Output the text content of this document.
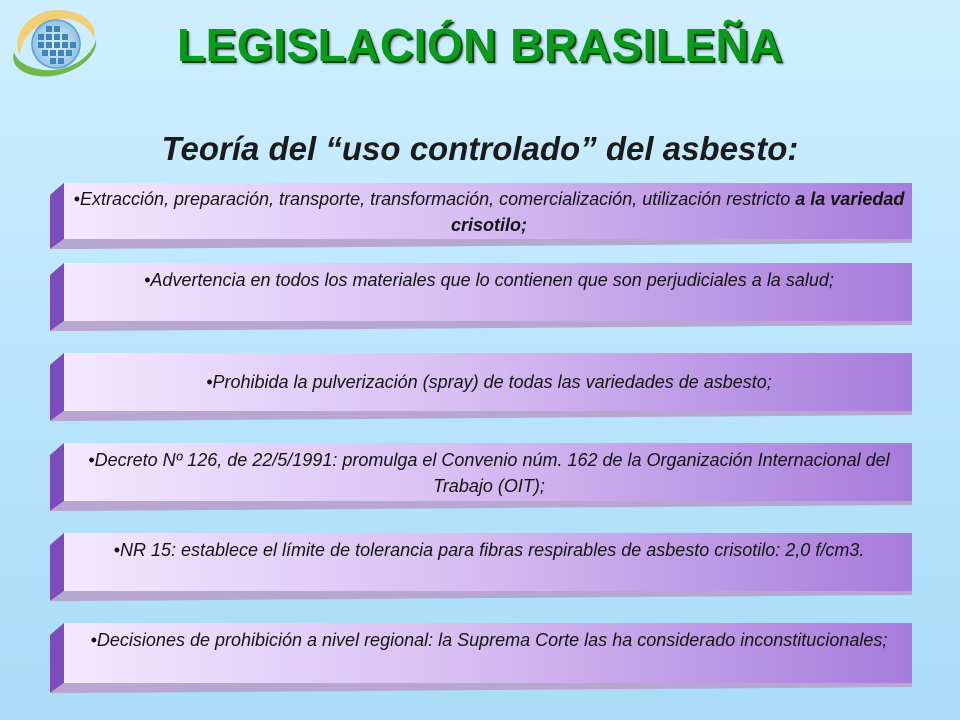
LEGISLACIÓN BRASILEÑA
Teoría del “uso controlado” del asbesto:
•Extracción, preparación, transporte, transformación, comercialización, utilización restricto a la variedad crisotilo;
•Advertencia en todos los materiales que lo contienen que son perjudiciales a la salud;
•Prohibida la pulverización (spray) de todas las variedades de asbesto;
•Decreto Nº 126, de 22/5/1991: promulga el Convenio núm. 162 de la Organización Internacional del Trabajo (OIT);
•NR 15: establece el límite de tolerancia para fibras respirables de asbesto crisotilo: 2,0 f/cm3.
•Decisiones de prohibición a nivel regional: la Suprema Corte las ha considerado inconstitucionales;
